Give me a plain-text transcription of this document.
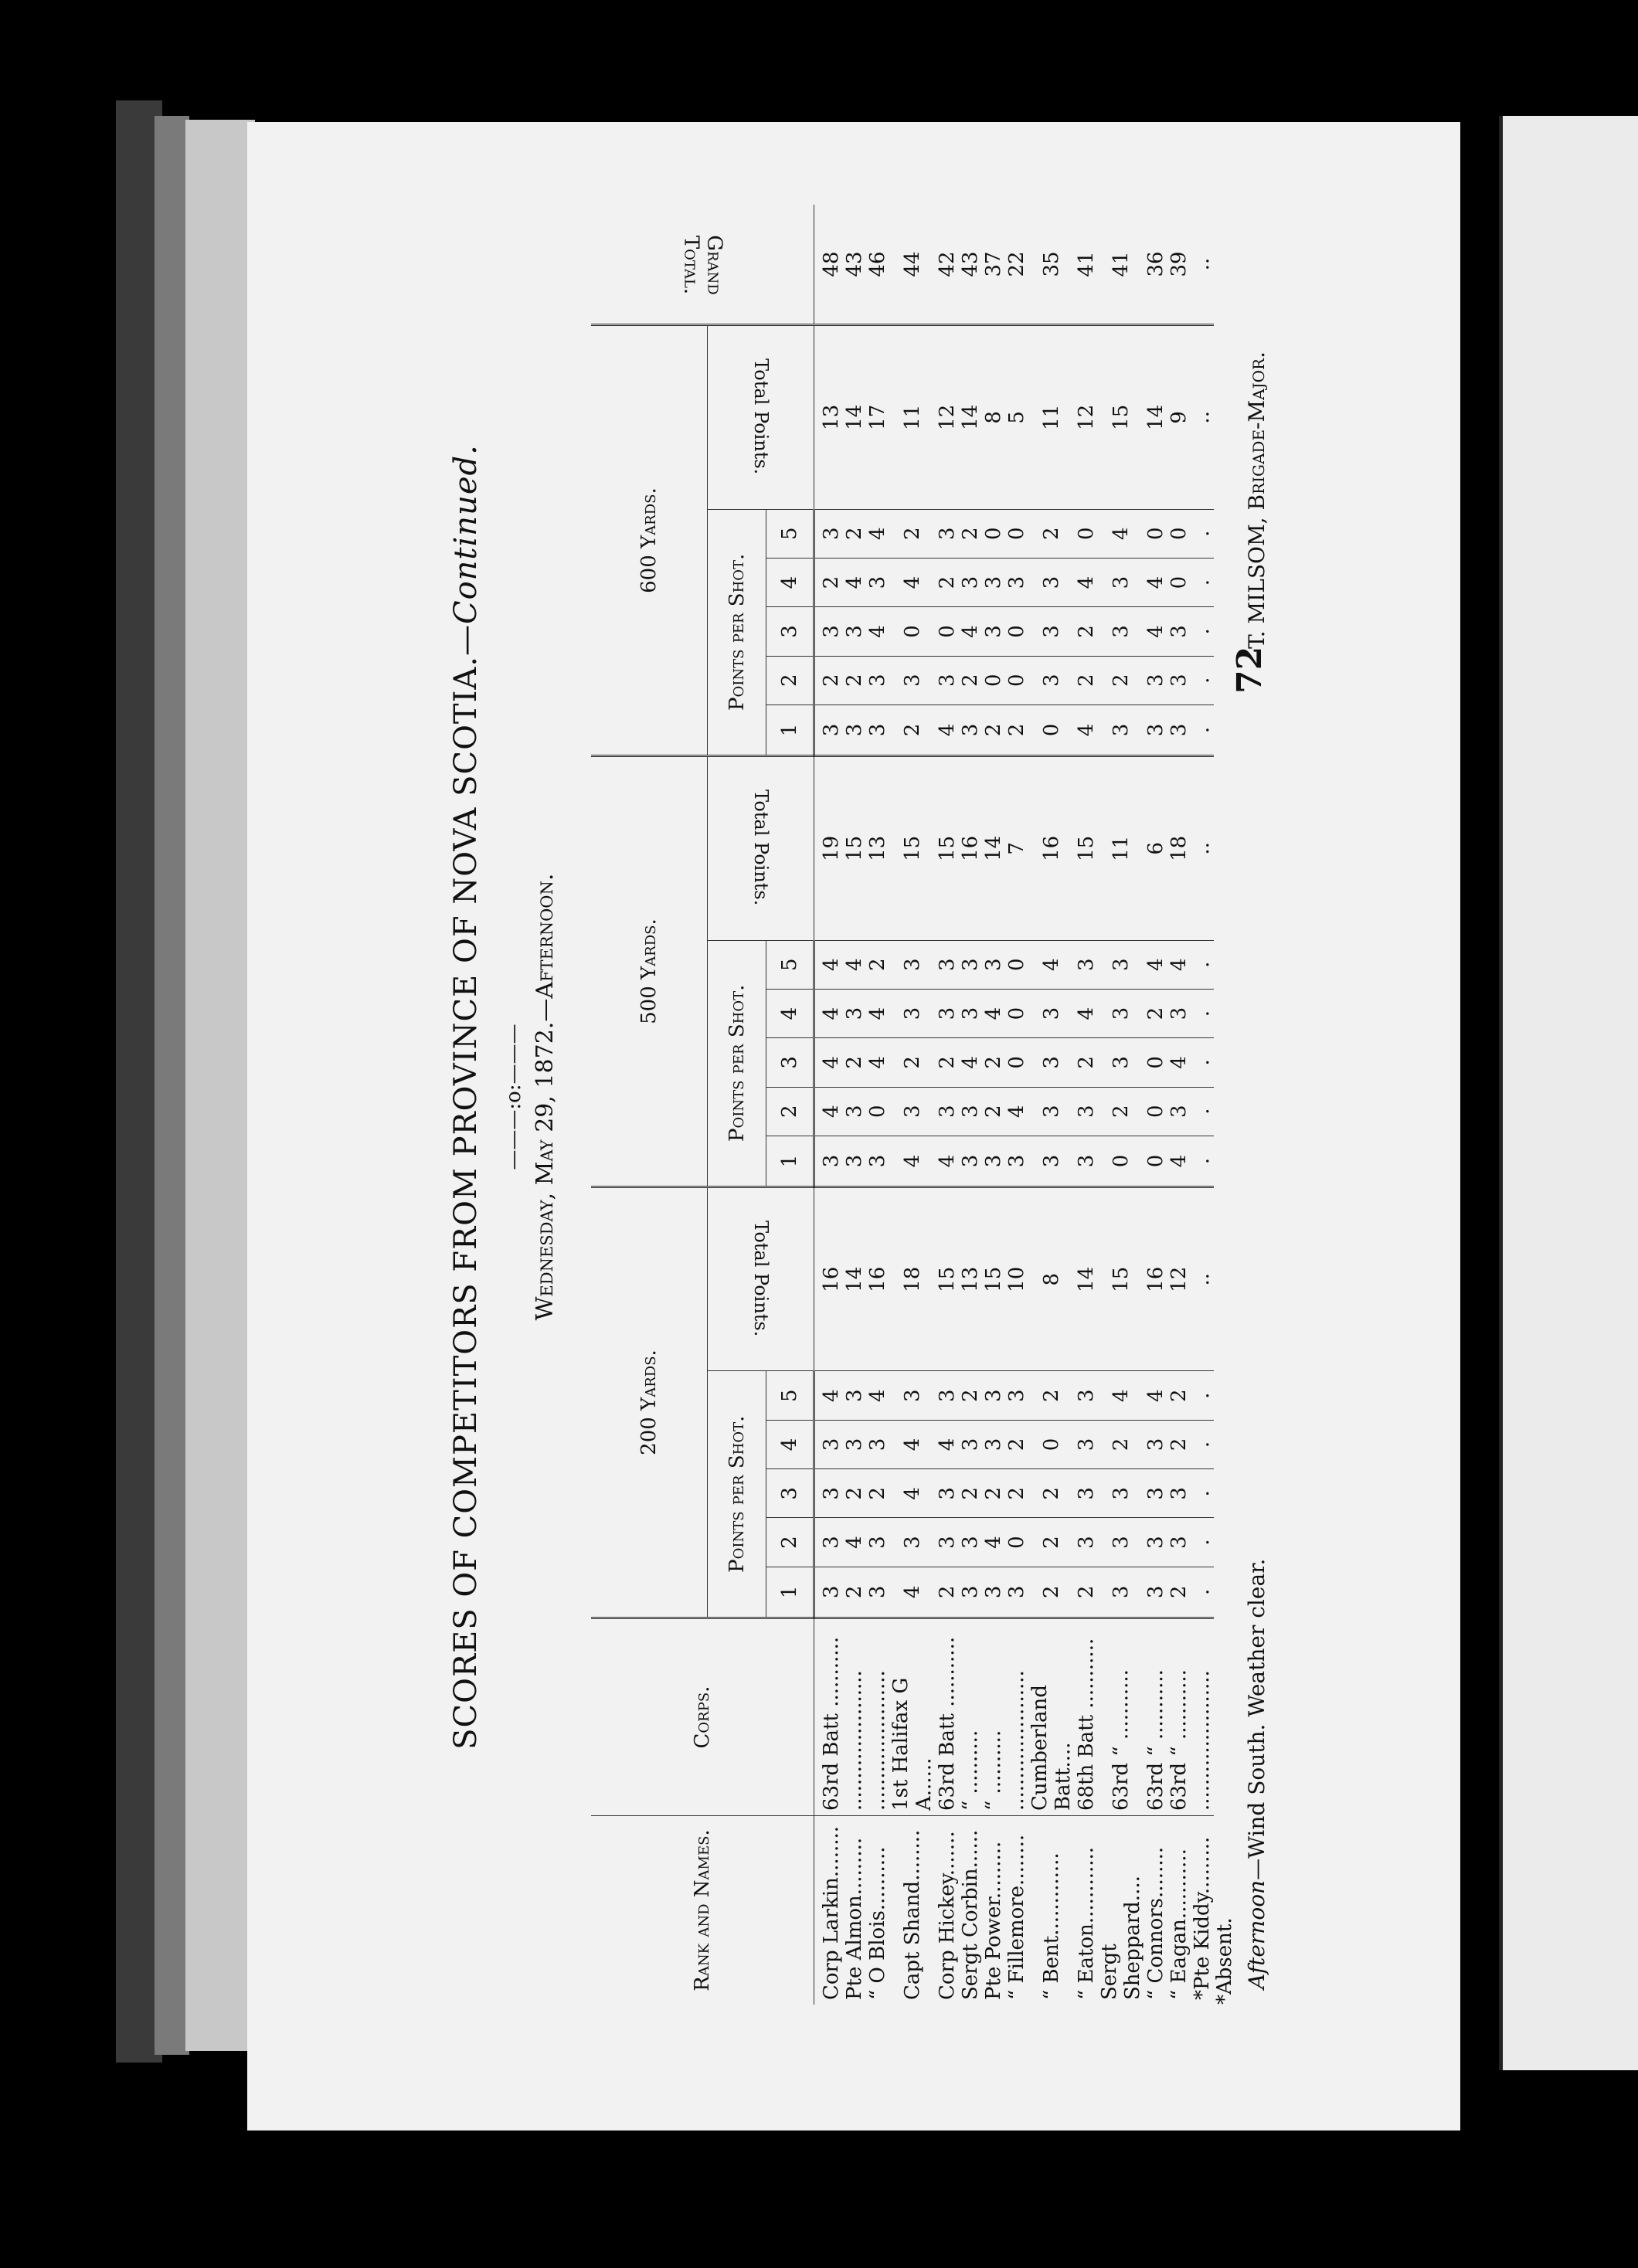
SCORES OF COMPETITORS FROM PROVINCE OF NOVA SCOTIA.—Continued.
———:o:——— Wednesday, May 29, 1872.—Afternoon.
Rank and Names.	Corps.	200 Yards.						500 Yards.						600 Yards.						Grand Total.
		Points per Shot.					Total Points.	Points per Shot.					Total Points.	Points per Shot.					Total Points.	
		1	2	3	4	5		1	2	3	4	5		1	2	3	4	5		
Corp Larkin........	63rd Batt ...........	3	3	3	3	4	16	3	4	4	4	4	19	3	2	3	2	3	13	48
Pte Almon.........	......................	2	4	2	3	3	14	3	3	2	3	4	15	3	2	3	4	2	14	43
“ O Blois..........	......................	3	3	2	3	4	16	3	0	4	4	2	13	3	3	4	3	4	17	46
Capt Shand........	1st Halifax G A......	4	3	4	4	3	18	4	3	2	3	3	15	2	3	0	4	2	11	44
Corp Hickey.......	63rd Batt ...........	2	3	3	4	3	15	4	3	2	3	3	15	4	3	0	2	3	12	42
Sergt Corbin......	“ ..........	3	3	2	3	2	13	3	3	4	3	3	16	3	2	4	3	2	14	43
Pte Power.........	“ ..........	3	4	2	3	3	15	3	2	2	4	3	14	2	0	3	3	0	8	37
“ Fillemore........	......................	3	0	2	2	3	10	3	4	0	0	0	7	2	0	0	3	0	5	22
“ Bent.............	Cumberland Batt....	2	2	2	0	2	8	3	3	3	3	4	16	0	3	3	3	2	11	35
“ Eaton............	68th Batt ...........	2	3	3	3	3	14	3	3	2	4	3	15	4	2	2	4	0	12	41
Sergt Sheppard....	63rd “ ...........	3	3	3	2	4	15	0	2	3	3	3	11	3	2	3	3	4	15	41
“ Connors........	63rd “ ...........	3	3	3	3	4	16	0	0	0	2	4	6	3	3	4	4	0	14	36
“ Eagan...........	63rd “ ...........	2	3	3	2	2	12	4	3	4	3	4	18	3	3	3	0	0	9	39
*Pte Kiddy.........	......................	.	.	.	.	.	..	.	.	.	.	.	..	.	.	.	.	.	..	..
*Absent. Afternoon—Wind South. Weather clear.
T. MILSOM, Brigade-Major.
72
